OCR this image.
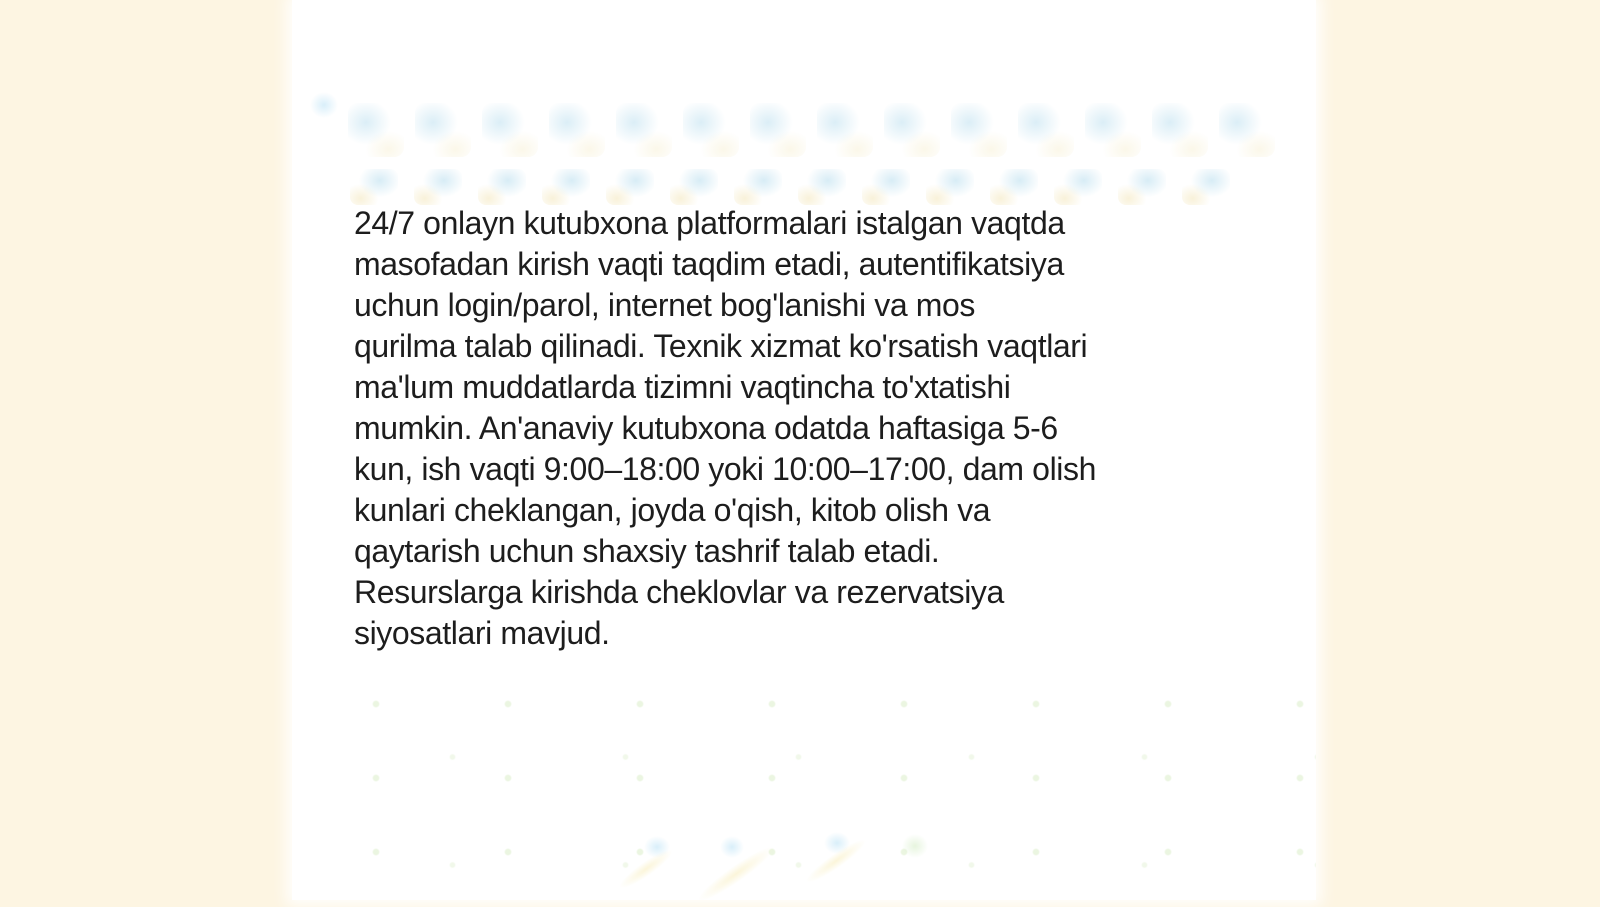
24/7 onlayn kutubxona platformalari istalgan vaqtda
masofadan kirish vaqti taqdim etadi, autentifikatsiya
uchun login/parol, internet bog'lanishi va mos
qurilma talab qilinadi. Texnik xizmat ko'rsatish vaqtlari
ma'lum muddatlarda tizimni vaqtincha to'xtatishi
mumkin. An'anaviy kutubxona odatda haftasiga 5-6
kun, ish vaqti 9:00–18:00 yoki 10:00–17:00, dam olish
kunlari cheklangan, joyda o'qish, kitob olish va
qaytarish uchun shaxsiy tashrif talab etadi.
Resurslarga kirishda cheklovlar va rezervatsiya
siyosatlari mavjud.
